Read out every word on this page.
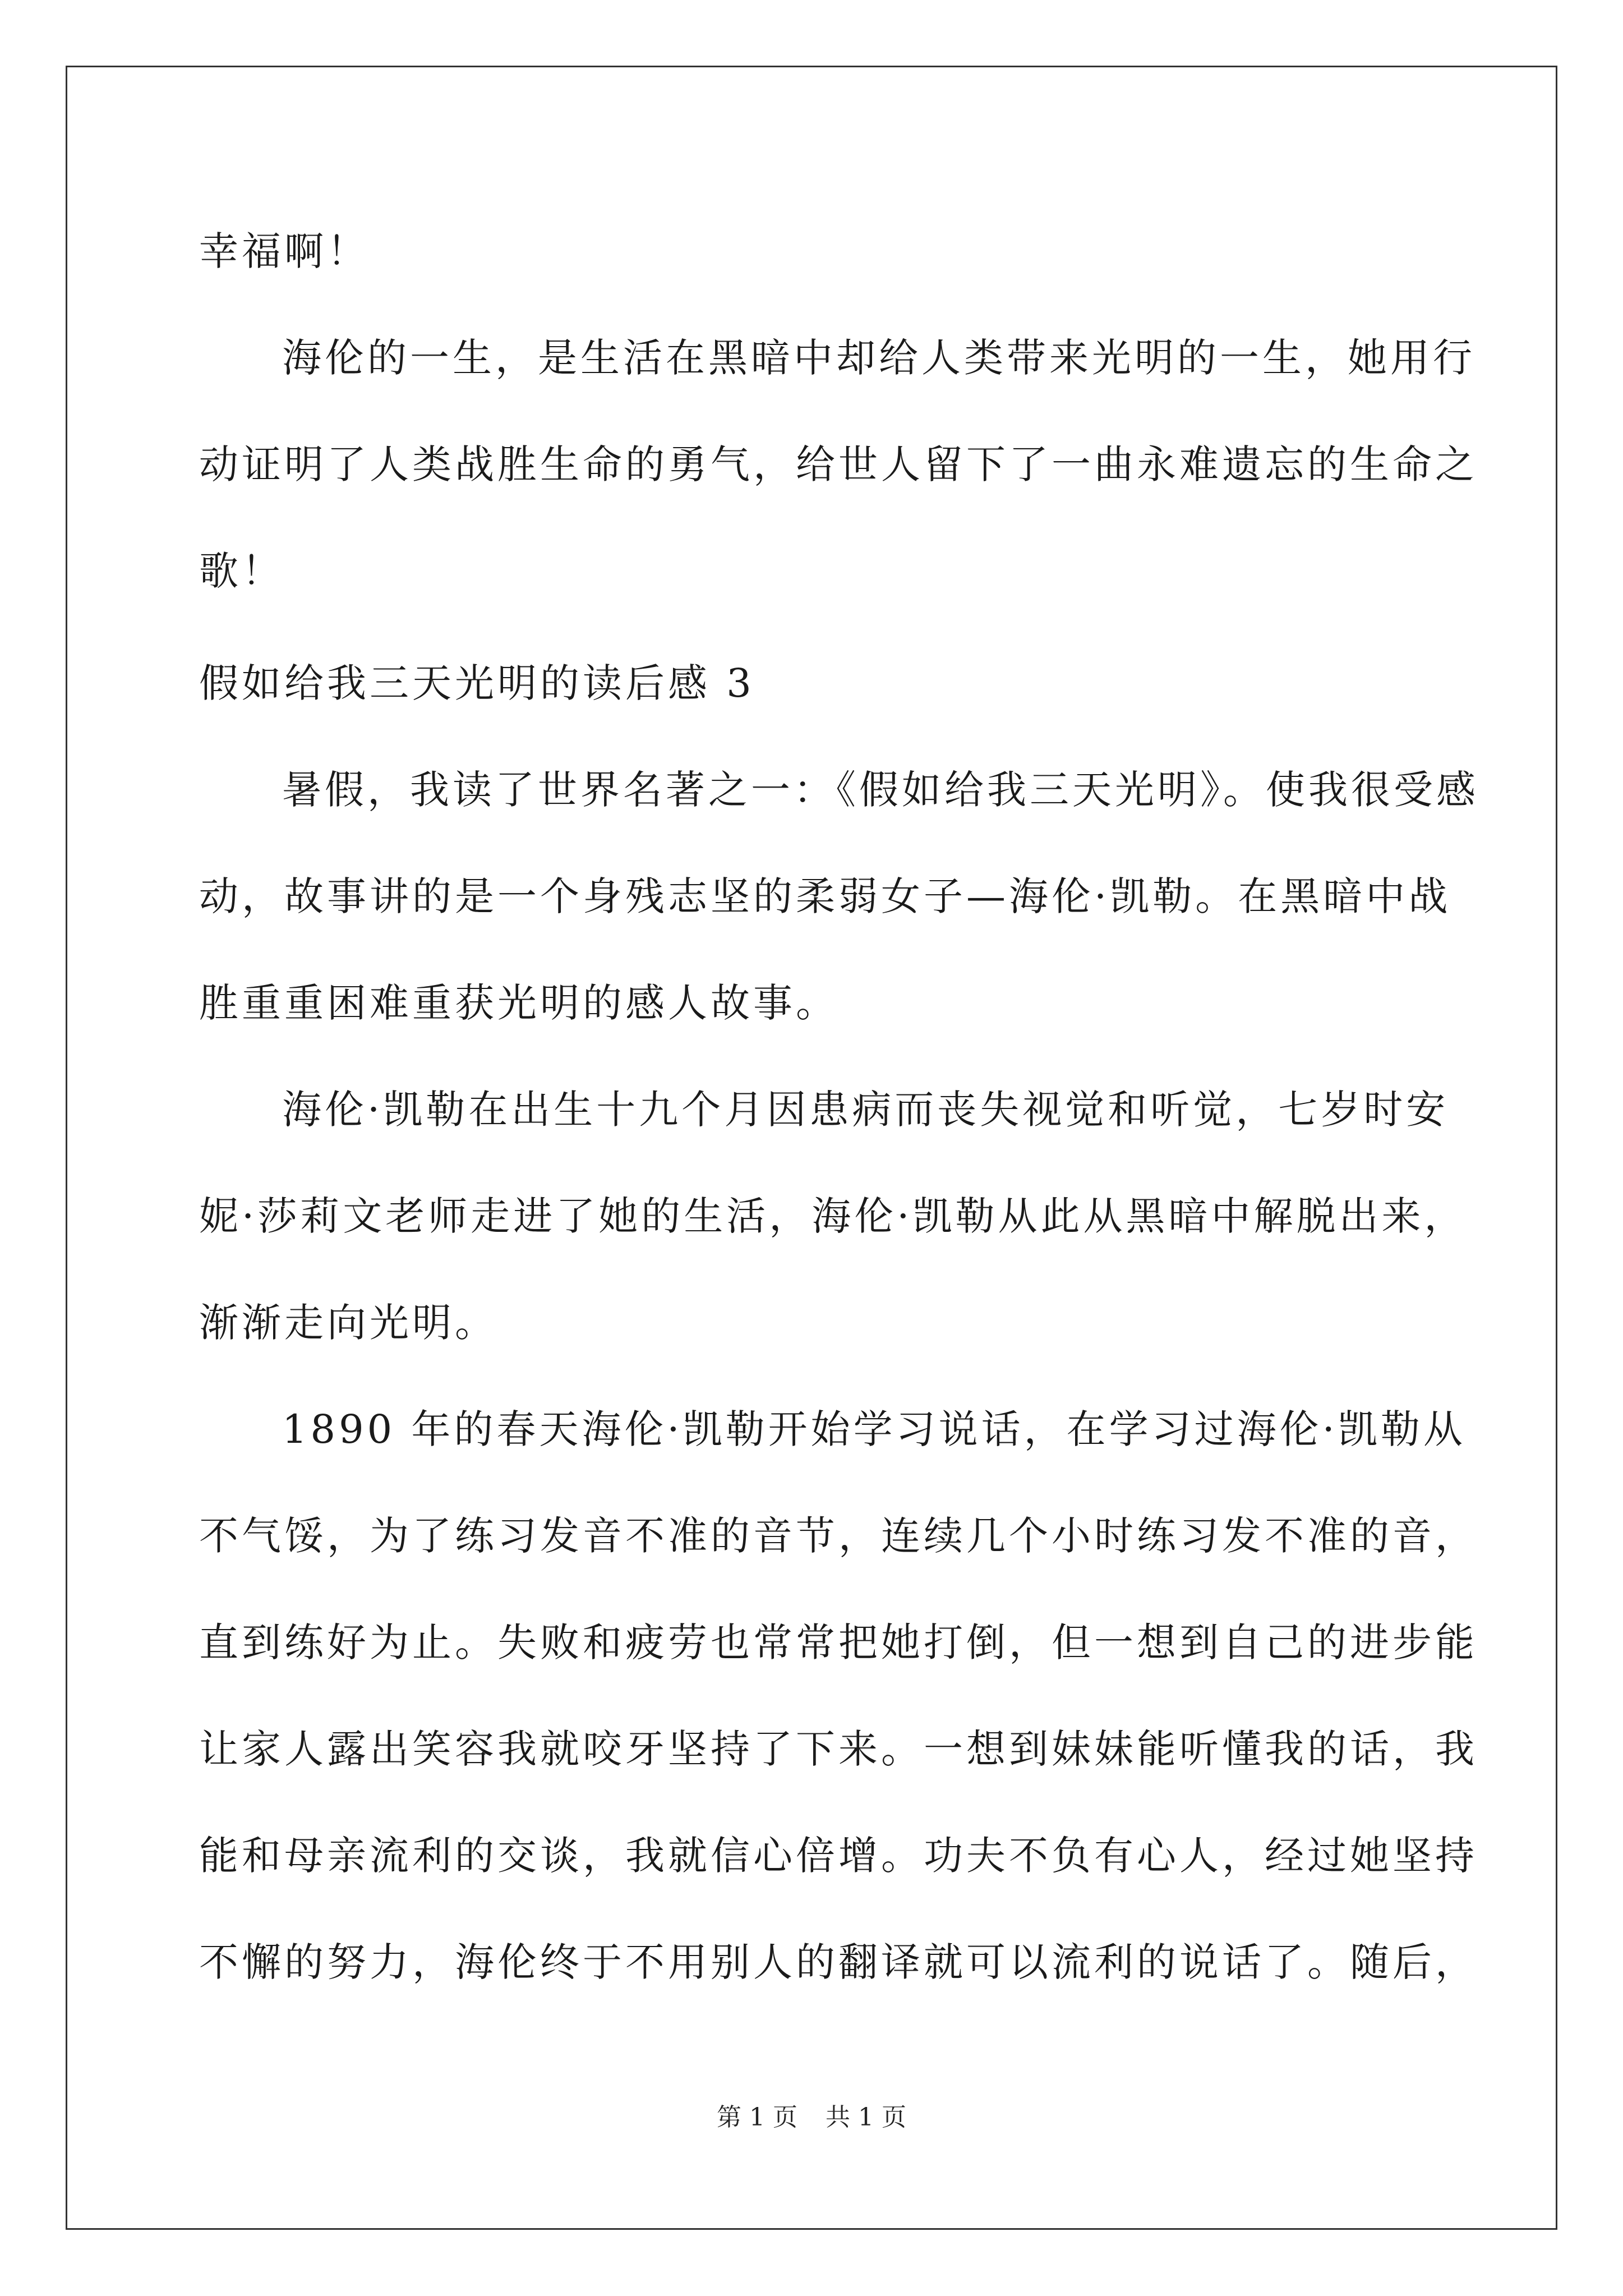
幸福啊！
海伦的一生，是生活在黑暗中却给人类带来光明的一生，她用行
动证明了人类战胜生命的勇气，给世人留下了一曲永难遗忘的生命之
歌！
假如给我三天光明的读后感 3
暑假，我读了世界名著之一：《假如给我三天光明》。使我很受感
动，故事讲的是一个身残志坚的柔弱女子—海伦·凯勒。在黑暗中战
胜重重困难重获光明的感人故事。
海伦·凯勒在出生十九个月因患病而丧失视觉和听觉，七岁时安
妮·莎莉文老师走进了她的生活，海伦·凯勒从此从黑暗中解脱出来，
渐渐走向光明。
1890 年的春天海伦·凯勒开始学习说话，在学习过海伦·凯勒从
不气馁，为了练习发音不准的音节，连续几个小时练习发不准的音，
直到练好为止。失败和疲劳也常常把她打倒，但一想到自己的进步能
让家人露出笑容我就咬牙坚持了下来。一想到妹妹能听懂我的话，我
能和母亲流利的交谈，我就信心倍增。功夫不负有心人，经过她坚持
不懈的努力，海伦终于不用别人的翻译就可以流利的说话了。随后，
第 1 页 共 1 页
